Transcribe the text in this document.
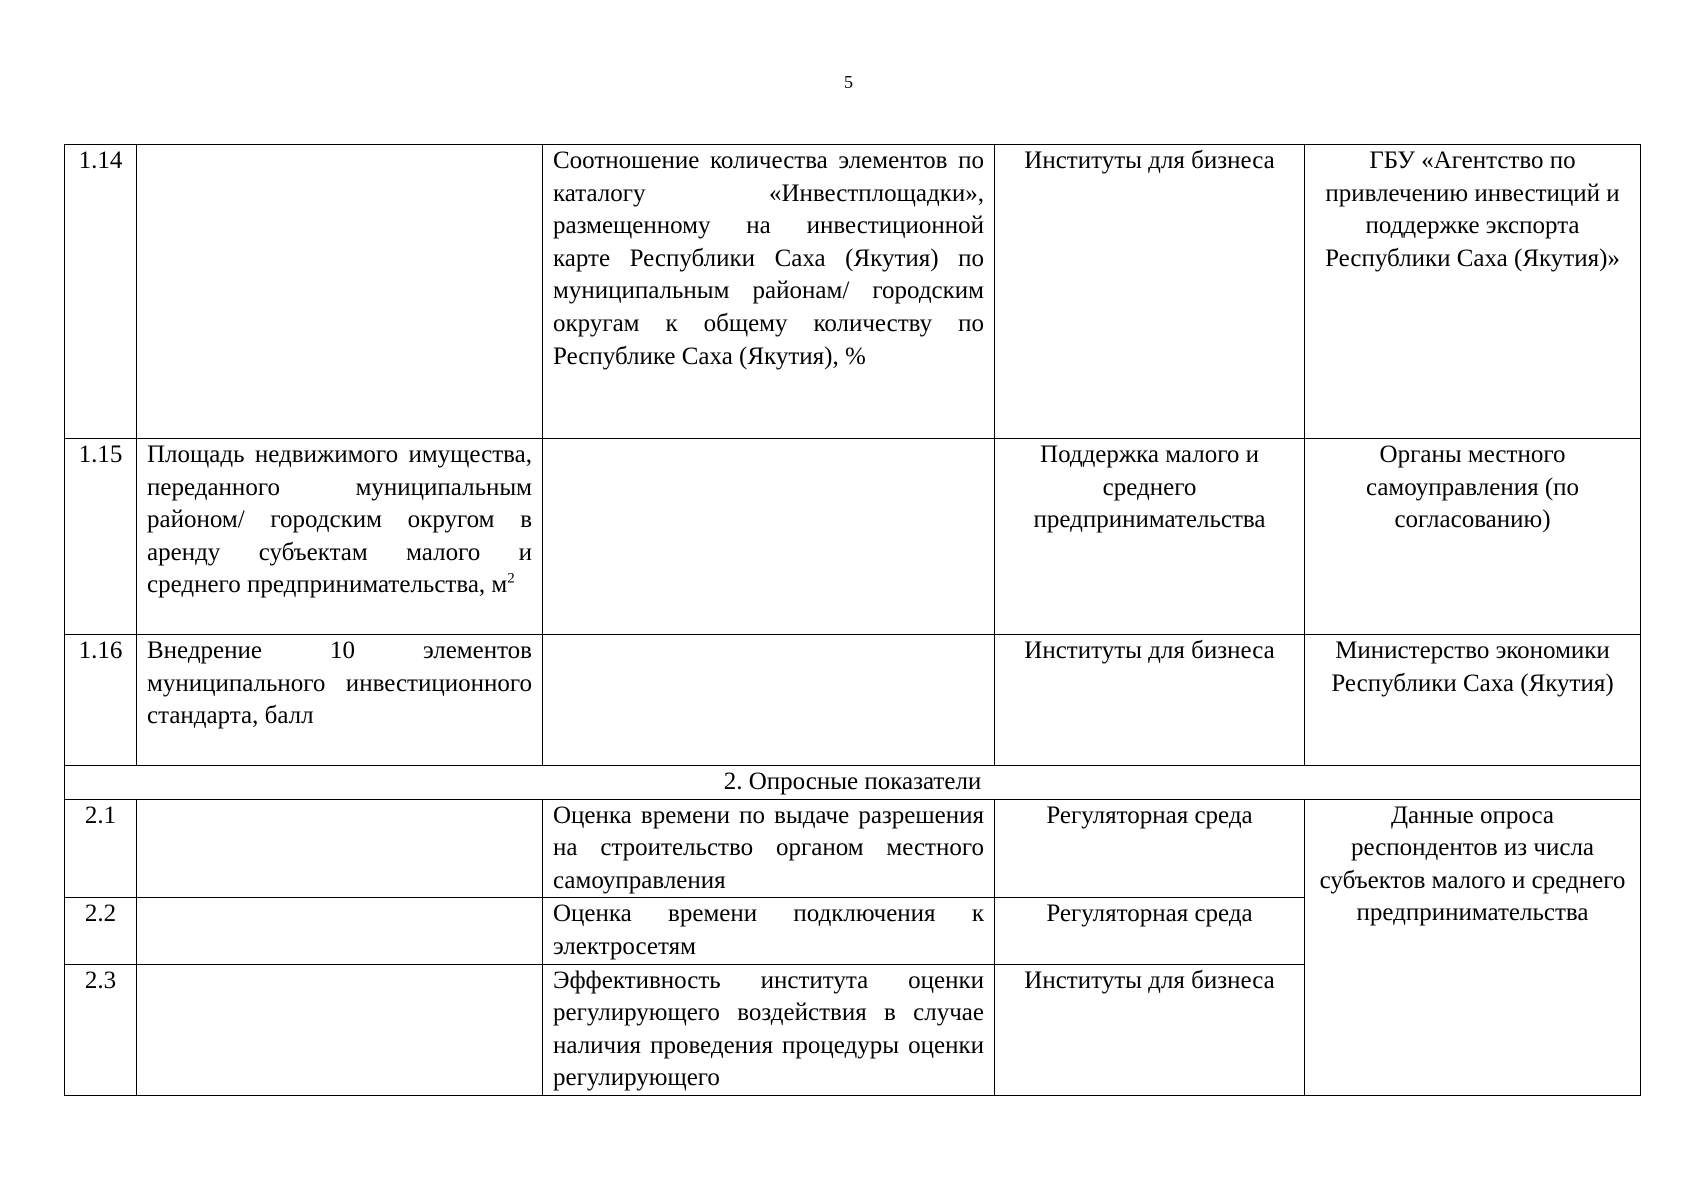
5
1.14		Соотношение количества элементов по каталогу «Инвестплощадки», размещенному на инвестиционной карте Республики Саха (Якутия) по муниципальным районам/ городским округам к общему количеству по Республике Саха (Якутия), %	Институты для бизнеса	ГБУ «Агентство по привлечению инвестиций и поддержке экспорта Республики Саха (Якутия)»
1.15	Площадь недвижимого имущества, переданного муниципальным районом/ городским округом в аренду субъектам малого и среднего предпринимательства, $м^2$		Поддержка малого и среднего предпринимательства	Органы местного самоуправления (по согласованию)
1.16	Внедрение 10 элементов муниципального инвестиционного стандарта, балл		Институты для бизнеса	Министерство экономики Республики Саха (Якутия)
2. Опросные показатели				
2.1		Оценка времени по выдаче разрешения на строительство органом местного самоуправления	Регуляторная среда	Данные опроса респондентов из числа субъектов малого и среднего предпринимательства
2.2		Оценка времени подключения к электросетям	Регуляторная среда	
2.3		Эффективность института оценки регулирующего воздействия в случае наличия проведения процедуры оценки регулирующего	Институты для бизнеса	
